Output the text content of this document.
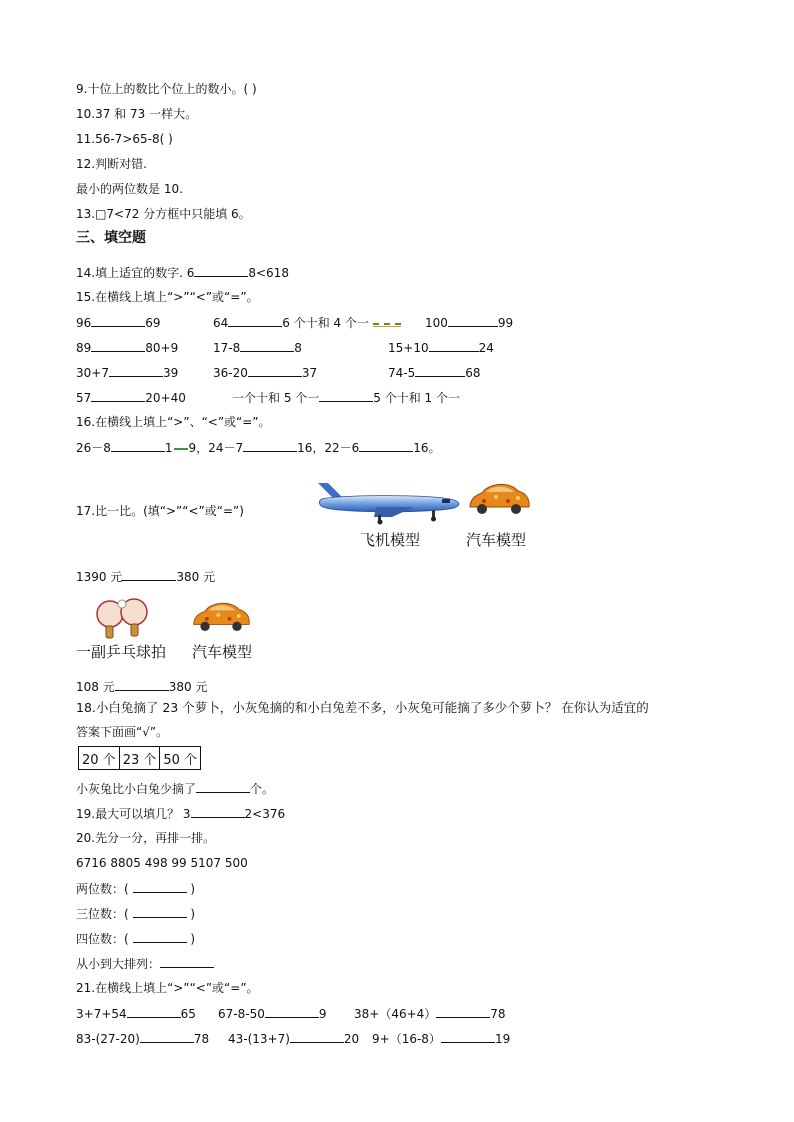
9.十位上的数比个位上的数小。( )
10.37 和 73 一样大。
11.56-7>65-8( )
12.判断对错.
最小的两位数是 10.
13.□7<72 分方框中只能填 6。
三、填空题
14.填上适宜的数字. 6	8<618
15.在横线上填上“>”“<”或“=”。
96	69	64	6 个十和 4 个一	100	99
89	80+9	17-8	8	15+10	24
30+7	39	36-20	37	74-5	68
57	20+40	一个十和 5 个一	5 个十和 1 个一
16.在横线上填上“>”、“<”或“=”。
26－8	1 9，24－7	16，22－6	16。
17.比一比。(填“>”“<”或“=”)
飞机模型	汽车模型
1390 元	380 元
一副乒乓球拍 汽车模型
108 元	380 元
18.小白兔摘了 23 个萝卜，小灰兔摘的和小白兔差不多，小灰兔可能摘了多少个萝卜？ 在你认为适宜的
答案下面画“√”。
20 个	23 个	50 个
小灰兔比小白兔少摘了	个。
19.最大可以填几？ 3	2<376
20.先分一分，再排一排。
6716 8805 498 99 5107 500
两位数：(	)
三位数：(	)
四位数：(	)
从小到大排列：
21.在横线上填上“>”“<”或“=”。
3+7+54	65 67-8-50	9 38+（46+4）	78
83-(27-20)	78 43-(13+7)	20 9+（16-8）	19
